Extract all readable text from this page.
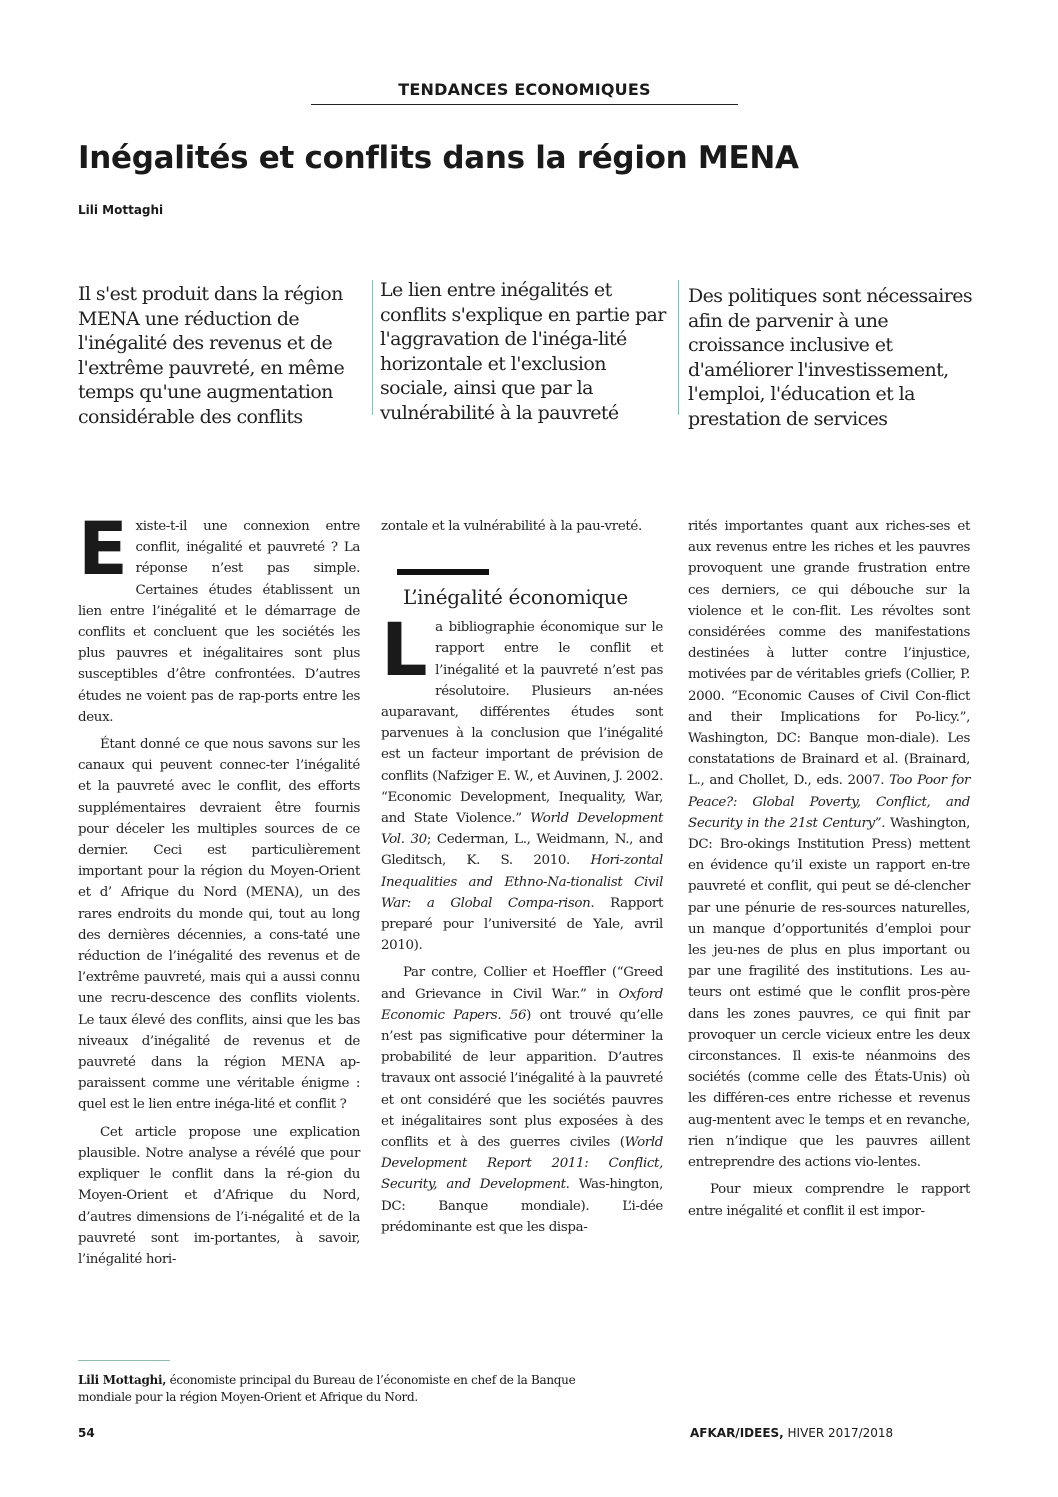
TENDANCES ECONOMIQUES
Inégalités et conflits dans la région MENA
Lili Mottaghi
Il s'est produit dans la région MENA une réduction de l'inégalité des revenus et de l'extrême pauvreté, en même temps qu'une augmentation considérable des conflits
Le lien entre inégalités et conflits s'explique en partie par l'aggravation de l'inéga-lité horizontale et l'exclusion sociale, ainsi que par la vulnérabilité à la pauvreté
Des politiques sont nécessaires afin de parvenir à une croissance inclusive et d'améliorer l'investissement, l'emploi, l'éducation et la prestation de services

Existe-t-il une connexion entre conflit, inégalité et pauvreté ? La réponse n’est pas simple. Certaines études établissent un lien entre l’inégalité et le démarrage de conflits et concluent que les sociétés les plus pauvres et inégalitaires sont plus susceptibles d’être confrontées. D’autres études ne voient pas de rap-ports entre les deux.

Étant donné ce que nous savons sur les canaux qui peuvent connec-ter l’inégalité et la pauvreté avec le conflit, des efforts supplémentaires devraient être fournis pour déceler les multiples sources de ce dernier. Ceci est particulièrement important pour la région du Moyen-Orient et d’ Afrique du Nord (MENA), un des rares endroits du monde qui, tout au long des dernières décennies, a cons-taté une réduction de l’inégalité des revenus et de l’extrême pauvreté, mais qui a aussi connu une recru-descence des conflits violents. Le taux élevé des conflits, ainsi que les bas niveaux d’inégalité de revenus et de pauvreté dans la région MENA ap-paraissent comme une véritable énigme : quel est le lien entre inéga-lité et conflit ?

Cet article propose une explication plausible. Notre analyse a révélé que pour expliquer le conflit dans la ré-gion du Moyen-Orient et d’Afrique du Nord, d’autres dimensions de l’i-négalité et de la pauvreté sont im-portantes, à savoir, l’inégalité hori-

zontale et la vulnérabilité à la pau-vreté.

L’inégalité économique

La bibliographie économique sur le rapport entre le conflit et l’inégalité et la pauvreté n’est pas résolutoire. Plusieurs an-nées auparavant, différentes études sont parvenues à la conclusion que l’inégalité est un facteur important de prévision de conflits (Nafziger E. W., et Auvinen, J. 2002. “Economic Development, Inequality, War, and State Violence.” World Development Vol. 30; Cederman, L., Weidmann, N., and Gleditsch, K. S. 2010. Hori-zontal Inequalities and Ethno-Na-tionalist Civil War: a Global Compa-rison. Rapport preparé pour l’université de Yale, avril 2010).

Par contre, Collier et Hoeffler (“Greed and Grievance in Civil War.” in Oxford Economic Papers. 56) ont trouvé qu’elle n’est pas significative pour déterminer la probabilité de leur apparition. D’autres travaux ont associé l’inégalité à la pauvreté et ont considéré que les sociétés pauvres et inégalitaires sont plus exposées à des conflits et à des guerres civiles (World Development Report 2011: Conflict, Security, and Development. Was-hington, DC: Banque mondiale). L’i-dée prédominante est que les dispa-

rités importantes quant aux riches-ses et aux revenus entre les riches et les pauvres provoquent une grande frustration entre ces derniers, ce qui débouche sur la violence et le con-flit. Les révoltes sont considérées comme des manifestations destinées à lutter contre l’injustice, motivées par de véritables griefs (Collier, P. 2000. “Economic Causes of Civil Con-flict and their Implications for Po-licy.”, Washington, DC: Banque mon-diale). Les constatations de Brainard et al. (Brainard, L., and Chollet, D., eds. 2007. Too Poor for Peace?: Global Poverty, Conflict, and Security in the 21st Century”. Washington, DC: Bro-okings Institution Press) mettent en évidence qu’il existe un rapport en-tre pauvreté et conflit, qui peut se dé-clencher par une pénurie de res-sources naturelles, un manque d’opportunités d’emploi pour les jeu-nes de plus en plus important ou par une fragilité des institutions. Les au-teurs ont estimé que le conflit pros-père dans les zones pauvres, ce qui finit par provoquer un cercle vicieux entre les deux circonstances. Il exis-te néanmoins des sociétés (comme celle des États-Unis) où les différen-ces entre richesse et revenus aug-mentent avec le temps et en revanche, rien n’indique que les pauvres aillent entreprendre des actions vio-lentes.

Pour mieux comprendre le rapport entre inégalité et conflit il est impor-

Lili Mottaghi, économiste principal du Bureau de l’économiste en chef de la Banque mondiale pour la région Moyen-Orient et Afrique du Nord.
54	AFKAR/IDEES, HIVER 2017/2018
